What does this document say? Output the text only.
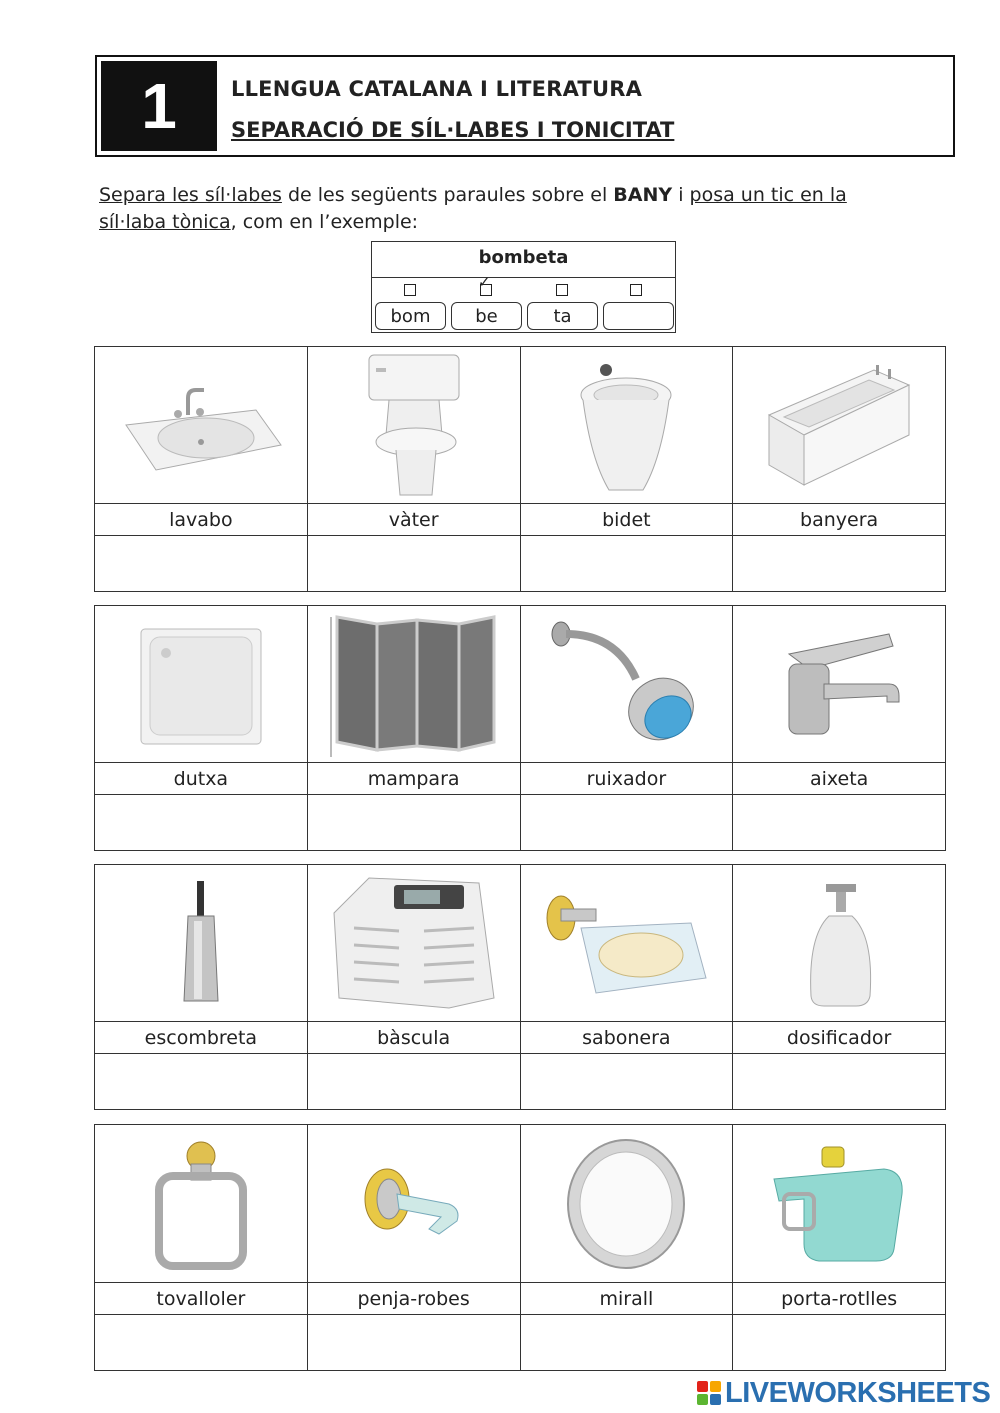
1	LLENGUA CATALANA I LITERATURA
SEPARACIÓ DE SÍL·LABES I TONICITAT
Separa les síl·labes de les següents paraules sobre el BANY i posa un tic en la síl·laba tònica, com en l’exemple:
bombeta
✓
bom	be	ta

lavabo	vàter	bidet	banyera

dutxa	mampara	ruixador	aixeta

escombreta	bàscula	sabonera	dosificador

tovalloler	penja-robes	mirall	porta-rotlles

LIVEWORKSHEETS
